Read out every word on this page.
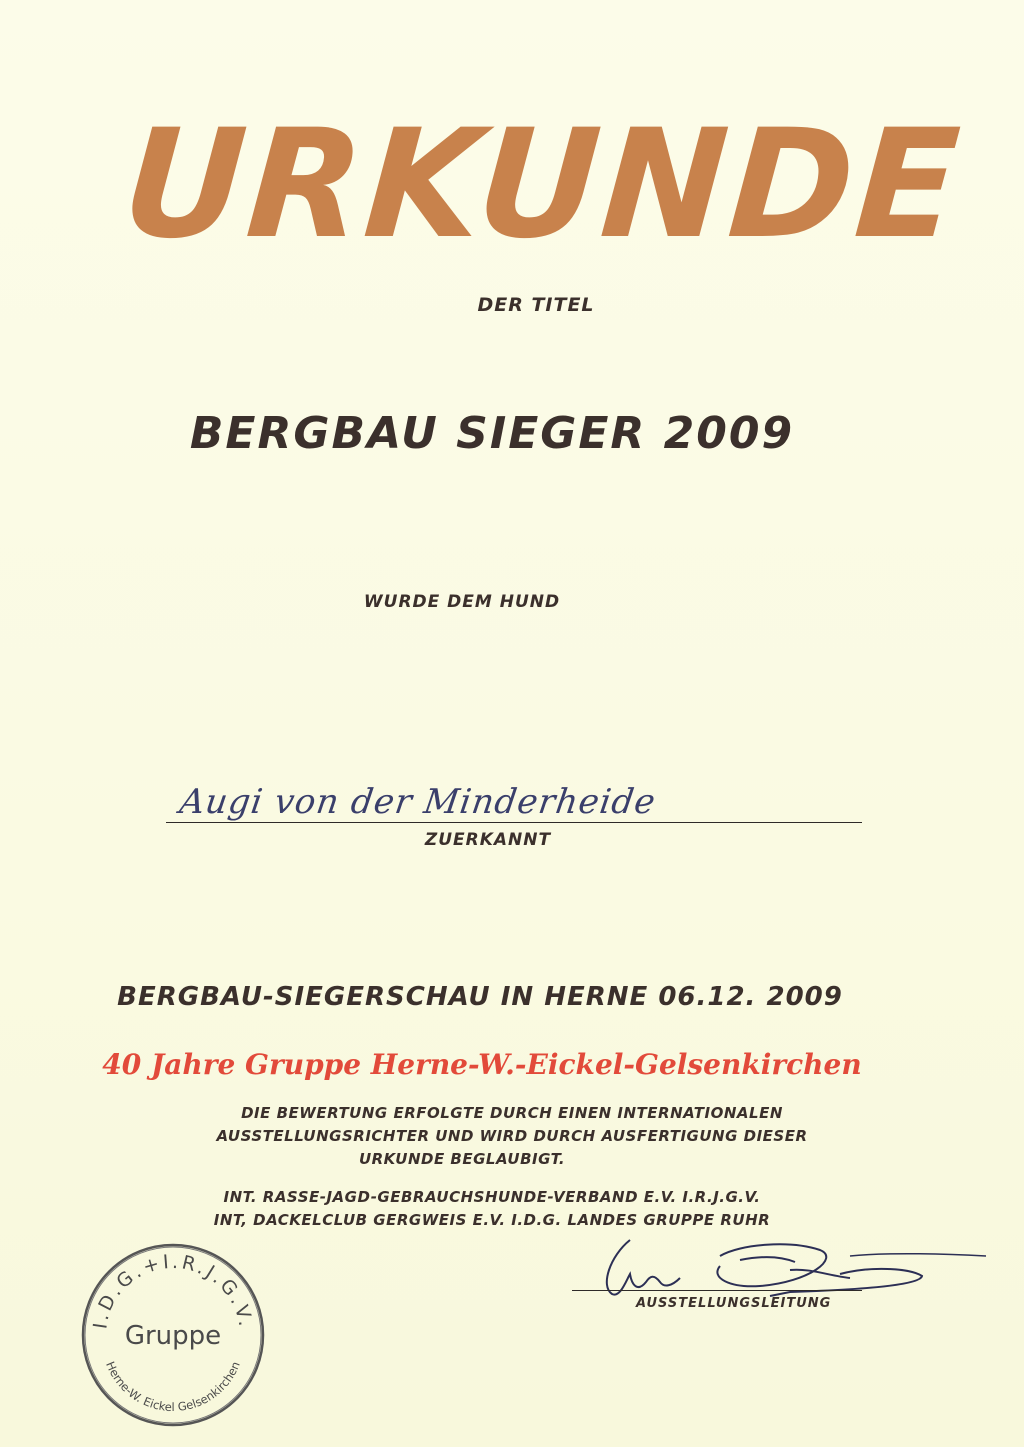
URKUNDE
DER TITEL
BERGBAU SIEGER 2009
WURDE DEM HUND
Augi von der Minderheide
ZUERKANNT
BERGBAU-SIEGERSCHAU IN HERNE 06.12. 2009
40 Jahre Gruppe Herne-W.-Eickel-Gelsenkirchen
DIE BEWERTUNG ERFOLGTE DURCH EINEN INTERNATIONALEN
AUSSTELLUNGSRICHTER UND WIRD DURCH AUSFERTIGUNG DIESER
URKUNDE BEGLAUBIGT.
INT. RASSE-JAGD-GEBRAUCHSHUNDE-VERBAND E.V. I.R.J.G.V.
INT, DACKELCLUB GERGWEIS E.V. I.D.G. LANDES GRUPPE RUHR
AUSSTELLUNGSLEITUNG
I.D.G.+I.R.J.G.V.
Gruppe
Herne-W. Eickel Gelsenkirchen
